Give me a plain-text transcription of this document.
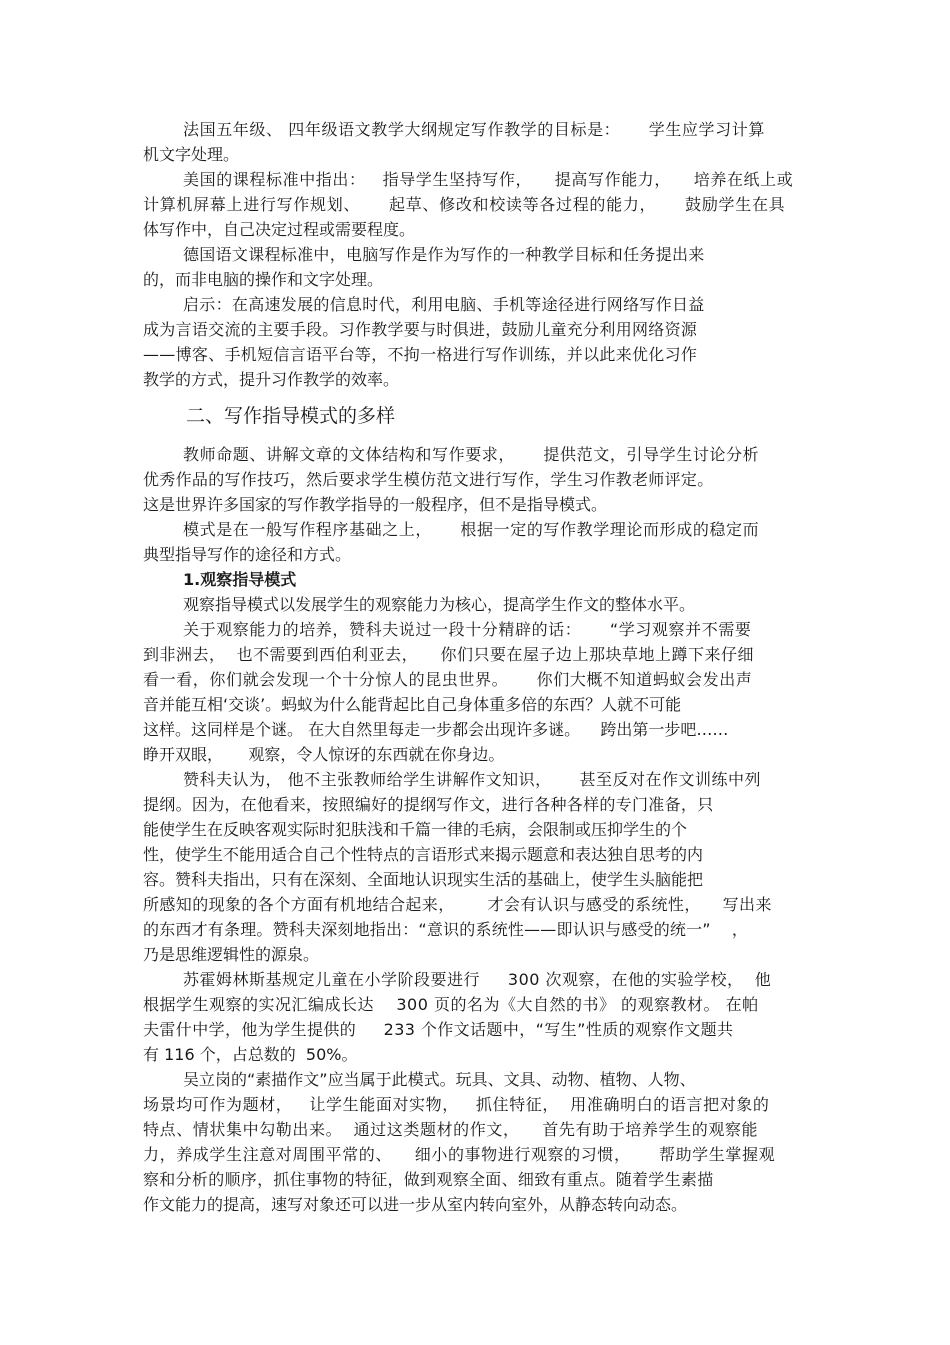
法国五年级、 四年级语文教学大纲规定写作教学的目标是：     学生应学习计算
机文字处理。
美国的课程标准中指出：   指导学生坚持写作，    提高写作能力，    培养在纸上或
计算机屏幕上进行写作规划、     起草、修改和校读等各过程的能力，     鼓励学生在具
体写作中，自己决定过程或需要程度。
德国语文课程标准中，电脑写作是作为写作的一种教学目标和任务提出来
的，而非电脑的操作和文字处理。
启示：在高速发展的信息时代，利用电脑、手机等途径进行网络写作日益
成为言语交流的主要手段。习作教学要与时俱进，鼓励儿童充分利用网络资源
——博客、手机短信言语平台等，不拘一格进行写作训练，并以此来优化习作
教学的方式，提升习作教学的效率。
二、写作指导模式的多样
教师命题、讲解文章的文体结构和写作要求，     提供范文，引导学生讨论分析
优秀作品的写作技巧，然后要求学生模仿范文进行写作，学生习作教老师评定。
这是世界许多国家的写作教学指导的一般程序，但不是指导模式。
模式是在一般写作程序基础之上，     根据一定的写作教学理论而形成的稳定而
典型指导写作的途径和方式。
1.观察指导模式
观察指导模式以发展学生的观察能力为核心，提高学生作文的整体水平。
关于观察能力的培养，赞科夫说过一段十分精辟的话：     “学习观察并不需要
到非洲去，  也不需要到西伯利亚去，    你们只要在屋子边上那块草地上蹲下来仔细
看一看，你们就会发现一个十分惊人的昆虫世界。     你们大概不知道蚂蚁会发出声
音并能互相‘交谈’。蚂蚁为什么能背起比自己身体重多倍的东西？人就不可能
这样。这同样是个谜。 在大自然里每走一步都会出现许多谜。    跨出第一步吧……
睁开双眼，     观察，令人惊讶的东西就在你身边。
赞科夫认为， 他不主张教师给学生讲解作文知识，     甚至反对在作文训练中列
提纲。因为，在他看来，按照编好的提纲写作文，进行各种各样的专门准备，只
能使学生在反映客观实际时犯肤浅和千篇一律的毛病，会限制或压抑学生的个
性，使学生不能用适合自己个性特点的言语形式来揭示题意和表达独自思考的内
容。赞科夫指出，只有在深刻、全面地认识现实生活的基础上，使学生头脑能把
所感知的现象的各个方面有机地结合起来，      才会有认识与感受的系统性，    写出来
的东西才有条理。赞科夫深刻地指出：“意识的系统性——即认识与感受的统一”    ，
乃是思维逻辑性的源泉。
苏霍姆林斯基规定儿童在小学阶段要进行     300 次观察，在他的实验学校，  他
根据学生观察的实况汇编成长达    300 页的名为《大自然的书》 的观察教材。 在帕
夫雷什中学，他为学生提供的     233 个作文话题中，“写生”性质的观察作文题共
有 116 个，占总数的  50%。
吴立岗的“素描作文”应当属于此模式。玩具、文具、动物、植物、人物、
场景均可作为题材，   让学生能面对实物，   抓住特征，  用准确明白的语言把对象的
特点、情状集中勾勒出来。  通过这类题材的作文，    首先有助于培养学生的观察能
力，养成学生注意对周围平常的、    细小的事物进行观察的习惯，     帮助学生掌握观
察和分析的顺序，抓住事物的特征，做到观察全面、细致有重点。随着学生素描
作文能力的提高，速写对象还可以进一步从室内转向室外，从静态转向动态。
